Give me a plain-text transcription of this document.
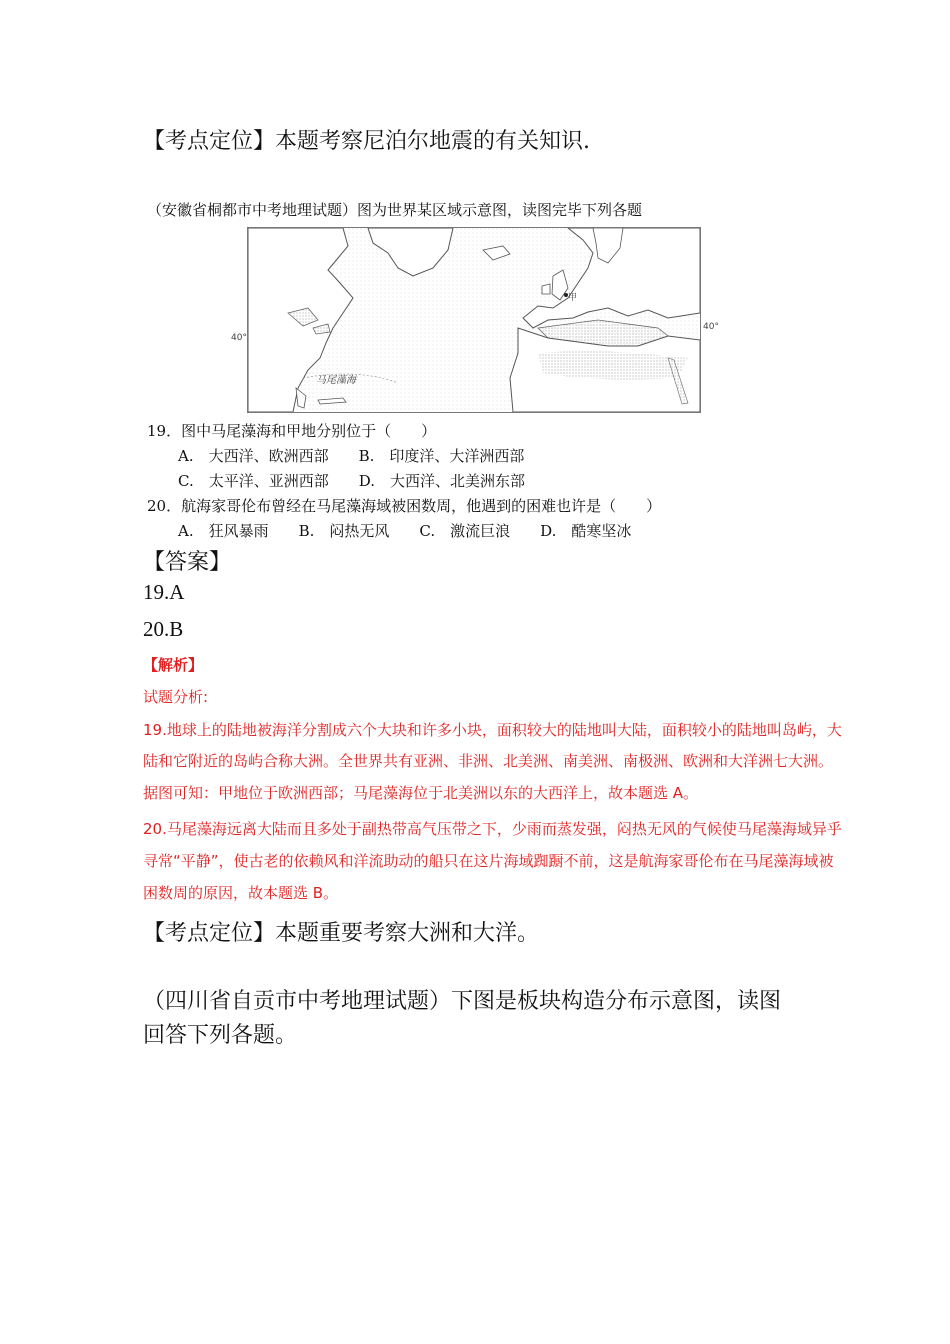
【考点定位】本题考察尼泊尔地震的有关知识.
（安徽省桐都市中考地理试题）图为世界某区域示意图，读图完毕下列各题
甲
马尾藻海
40°
40°
19．图中马尾藻海和甲地分别位于（　　）
A.　大西洋、欧洲西部　　B.　印度洋、大洋洲西部
C.　太平洋、亚洲西部　　D.　大西洋、北美洲东部
20．航海家哥伦布曾经在马尾藻海域被困数周，他遇到的困难也许是（　　）
A.　狂风暴雨　　B.　闷热无风　　C.　激流巨浪　　D.　酷寒坚冰
【答案】
19.A
20.B
【解析】
试题分析:
19.地球上的陆地被海洋分割成六个大块和许多小块，面积较大的陆地叫大陆，面积较小的陆地叫岛屿，大
陆和它附近的岛屿合称大洲。全世界共有亚洲、非洲、北美洲、南美洲、南极洲、欧洲和大洋洲七大洲。
据图可知：甲地位于欧洲西部；马尾藻海位于北美洲以东的大西洋上，故本题选 A。
20.马尾藻海远离大陆而且多处于副热带高气压带之下，少雨而蒸发强，闷热无风的气候使马尾藻海域异乎
寻常“平静”，使古老的依赖风和洋流助动的船只在这片海域踟蹰不前，这是航海家哥伦布在马尾藻海域被
困数周的原因，故本题选 B。
【考点定位】本题重要考察大洲和大洋。
（四川省自贡市中考地理试题）下图是板块构造分布示意图，读图
回答下列各题。
